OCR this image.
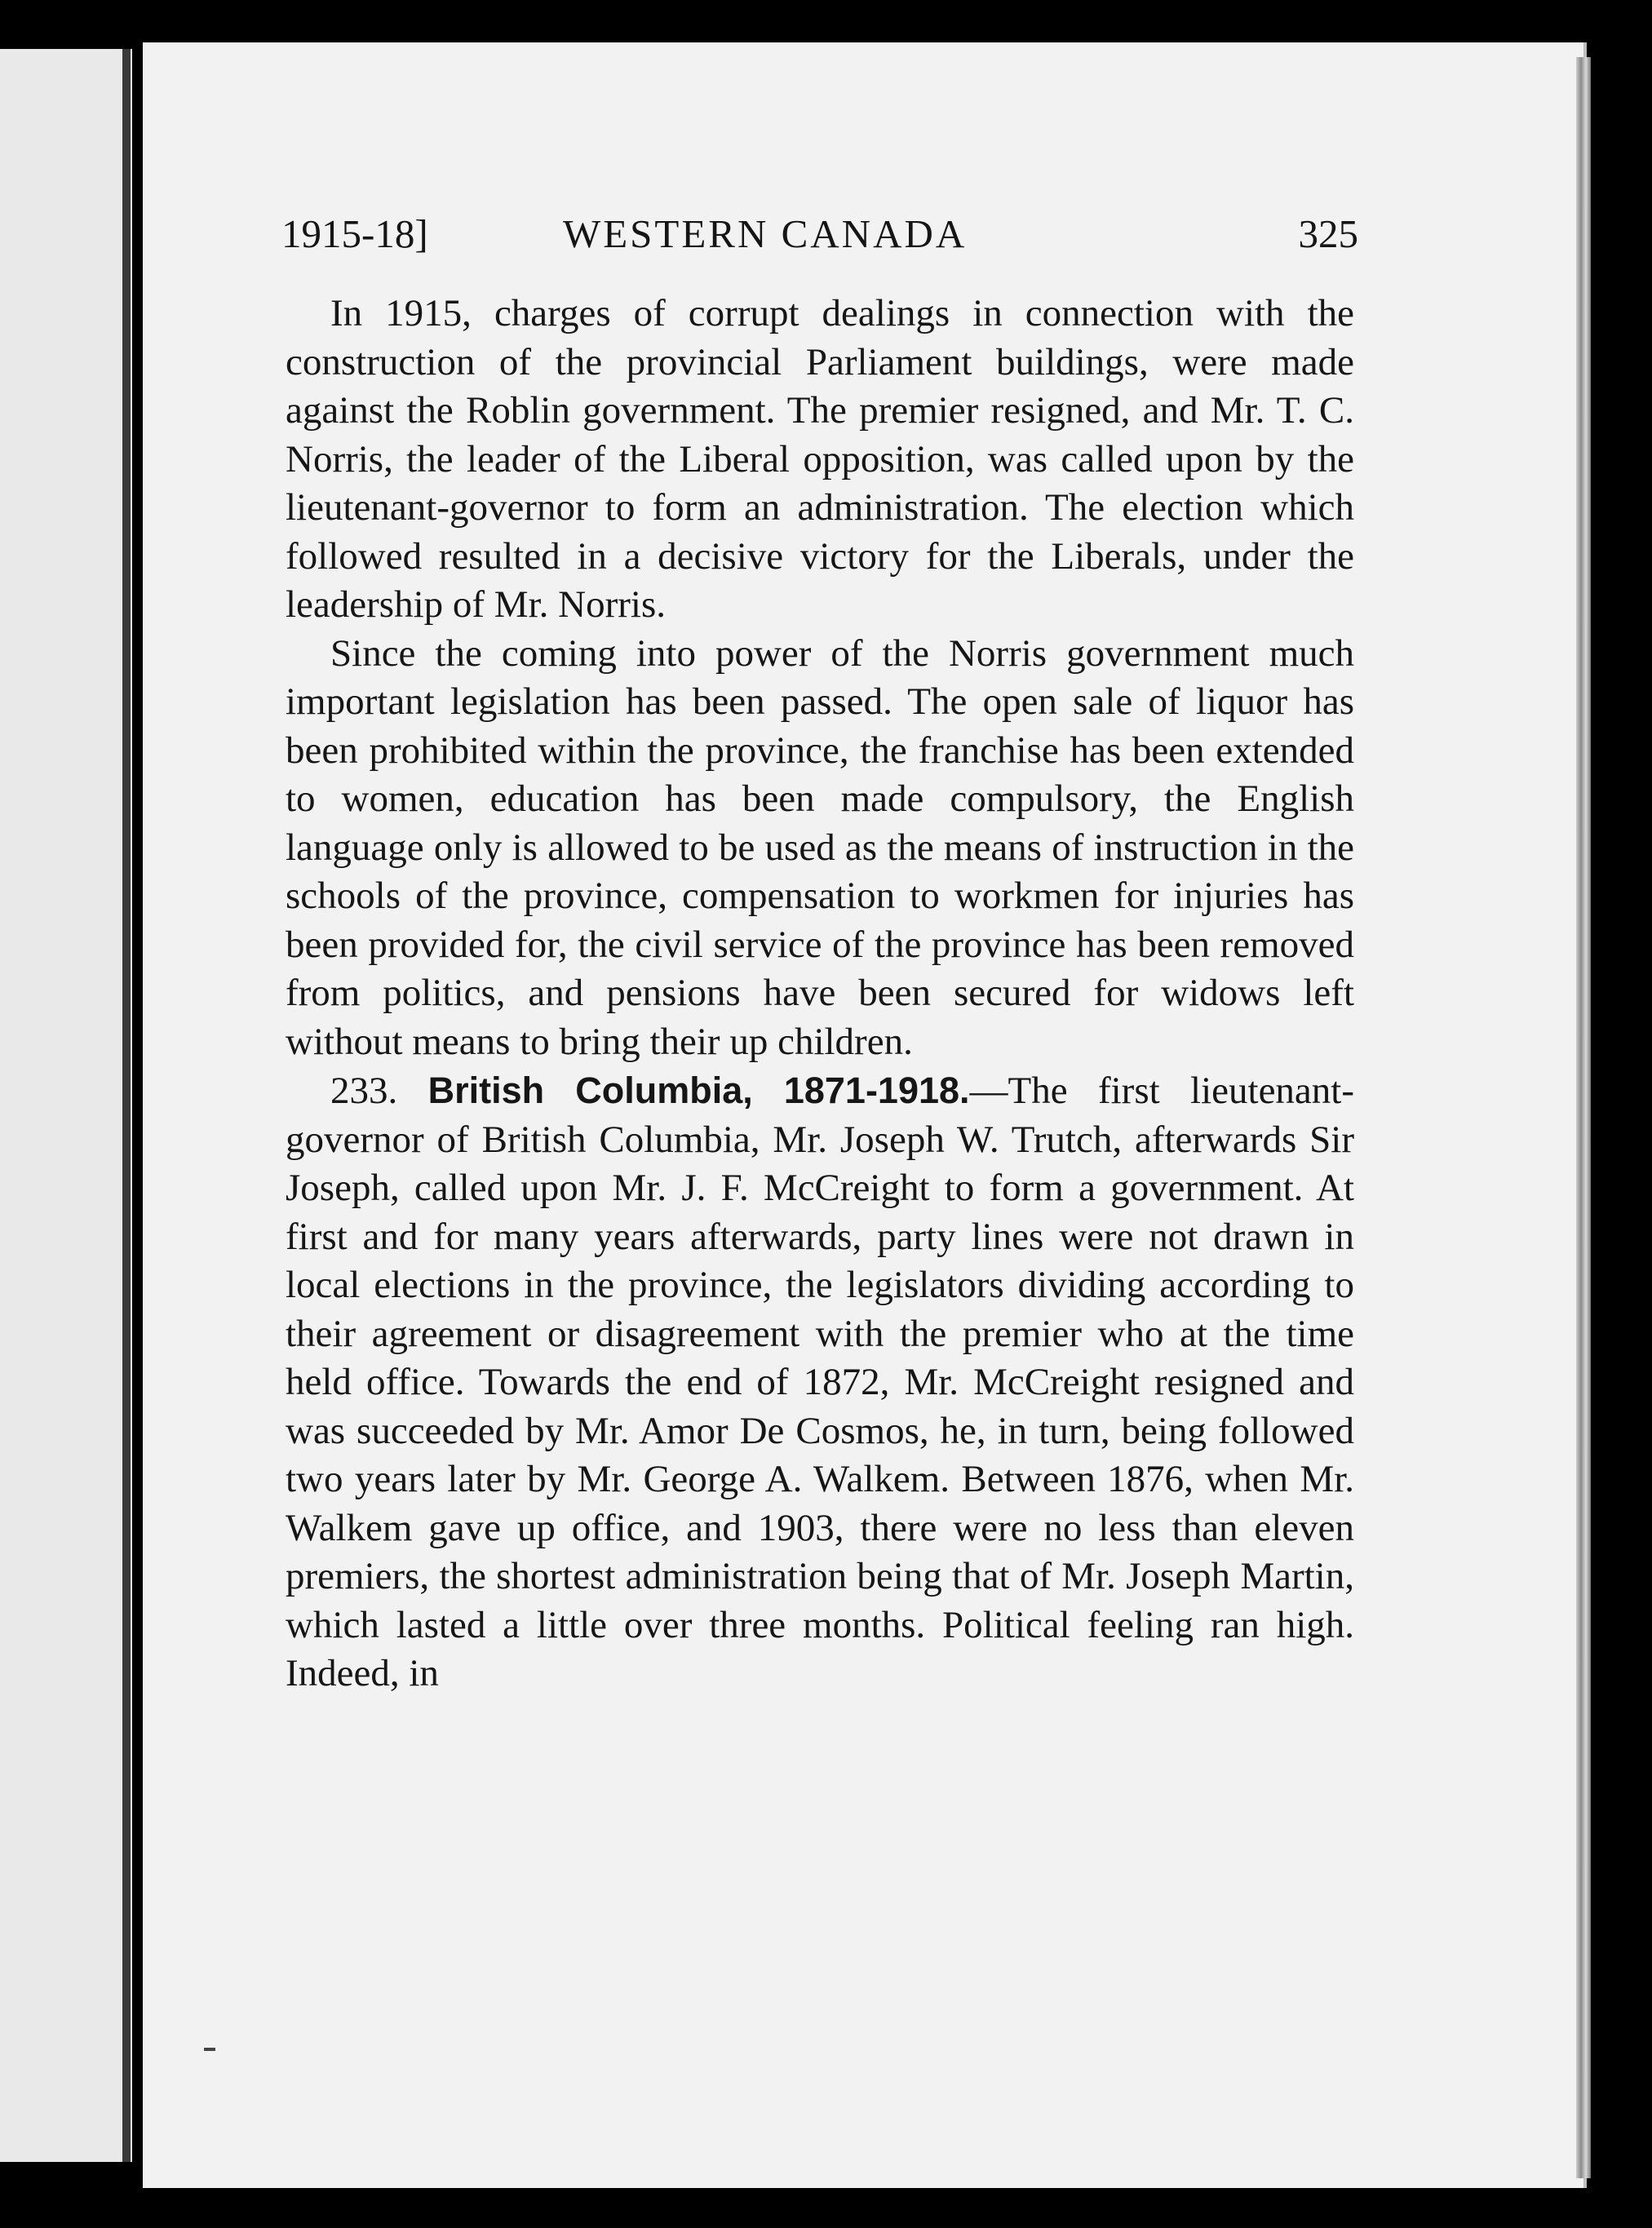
1915-18]	WESTERN CANADA	325

In 1915, charges of corrupt dealings in connection with the construction of the provincial Parliament buildings, were made against the Roblin government. The premier resigned, and Mr. T. C. Norris, the leader of the Liberal opposition, was called upon by the lieutenant-governor to form an administration. The election which followed resulted in a decisive victory for the Liberals, under the leadership of Mr. Norris.

Since the coming into power of the Norris government much important legislation has been passed. The open sale of liquor has been prohibited within the province, the franchise has been extended to women, education has been made compulsory, the English language only is allowed to be used as the means of instruction in the schools of the province, compensation to workmen for injuries has been provided for, the civil service of the province has been removed from politics, and pensions have been secured for widows left without means to bring their up children.

233. British Columbia, 1871-1918.—The first lieutenant-governor of British Columbia, Mr. Joseph W. Trutch, afterwards Sir Joseph, called upon Mr. J. F. McCreight to form a government. At first and for many years afterwards, party lines were not drawn in local elections in the province, the legislators dividing according to their agreement or disagreement with the premier who at the time held office. Towards the end of 1872, Mr. McCreight resigned and was succeeded by Mr. Amor De Cosmos, he, in turn, being followed two years later by Mr. George A. Walkem. Between 1876, when Mr. Walkem gave up office, and 1903, there were no less than eleven premiers, the shortest administration being that of Mr. Joseph Martin, which lasted a little over three months. Political feeling ran high. Indeed, in
